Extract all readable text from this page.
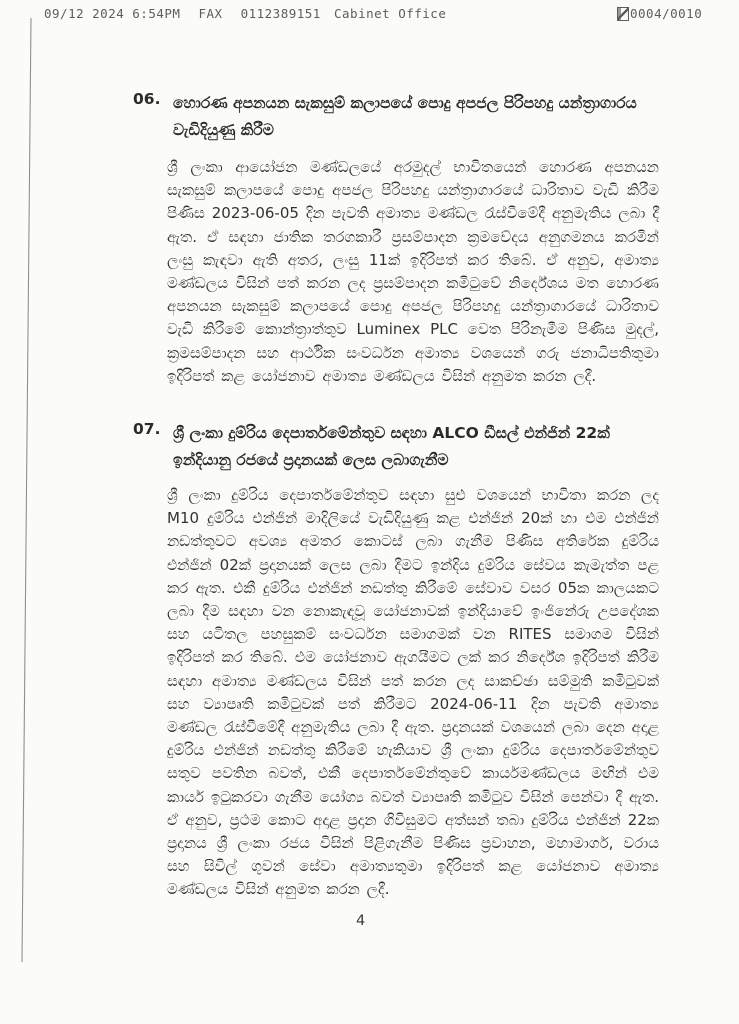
09/12 2024 6:54PM FAX 0112389151	Cabinet Office	0004/0010
06. හොරණ අපනයන සැකසුම් කලාපයේ පොදු අපජල පිරිපහදු යන්ත්‍රාගාරය වැඩිදියුණු කිරීම
ශ්‍රී ලංකා ආයෝජන මණ්ඩලයේ අරමුදල් භාවිතයෙන් හොරණ අපනයන සැකසුම් කලාපයේ පොදු අපජල පිරිපහදු යන්ත්‍රාගාරයේ ධාරිතාව වැඩි කිරීම පිණිස 2023-06-05 දින පැවති අමාත්‍ය මණ්ඩල රැස්වීමේදී අනුමැතිය ලබා දී ඇත. ඒ සඳහා ජාතික තරගකාරී ප්‍රසම්පාදන ක්‍රමවේදය අනුගමනය කරමින් ලංසු කැඳවා ඇති අතර, ලංසු 11ක් ඉදිරිපත් කර තිබේ. ඒ අනුව, අමාත්‍ය මණ්ඩලය විසින් පත් කරන ලද ප්‍රසම්පාදන කමිටුවේ නිර්දේශය මත හොරණ අපනයන සැකසුම් කලාපයේ පොදු අපජල පිරිපහදු යන්ත්‍රාගාරයේ ධාරිතාව වැඩි කිරීමේ කොන්ත්‍රාත්තුව Luminex PLC වෙත පිරිනැමීම පිණිස මුදල්, ක්‍රමසම්පාදන සහ ආර්ථික සංවර්ධන අමාත්‍ය වශයෙන් ගරු ජනාධිපතිතුමා ඉදිරිපත් කළ යෝජනාව අමාත්‍ය මණ්ඩලය විසින් අනුමත කරන ලදී.
07. ශ්‍රී ලංකා දුම්රිය දෙපාර්තමේන්තුව සඳහා ALCO ඩීසල් එන්ජින් 22ක් ඉන්දියානු රජයේ ප්‍රදානයක් ලෙස ලබාගැනීම
ශ්‍රී ලංකා දුම්රිය දෙපාර්තමේන්තුව සඳහා සුළු වශයෙන් භාවිතා කරන ලද M10 දුම්රිය එන්ජින් මාදිලියේ වැඩිදියුණු කළ එන්ජින් 20ක් හා එම එන්ජින් නඩත්තුවට අවශ්‍ය අමතර කොටස් ලබා ගැනීම පිණිස අතිරේක දුම්රිය එන්ජින් 02ක් ප්‍රදානයක් ලෙස ලබා දීමට ඉන්දිය දුම්රිය සේවය කැමැත්ත පළ කර ඇත. එකී දුම්රිය එන්ජින් නඩත්තු කිරීමේ සේවාව වසර 05ක කාලයකට ලබා දීම සඳහා වන නොකැඳවූ යෝජනාවක් ඉන්දියාවේ ඉංජිනේරු උපදේශක සහ යටිතල පහසුකම් සංවර්ධන සමාගමක් වන RITES සමාගම විසින් ඉදිරිපත් කර තිබේ. එම යෝජනාව ඇගයීමට ලක් කර නිර්දේශ ඉදිරිපත් කිරීම සඳහා අමාත්‍ය මණ්ඩලය විසින් පත් කරන ලද සාකච්ඡා සම්මුති කමිටුවක් සහ ව්‍යාපෘති කමිටුවක් පත් කිරීමට 2024-06-11 දින පැවති අමාත්‍ය මණ්ඩල රැස්වීමේදී අනුමැතිය ලබා දී ඇත. ප්‍රදානයක් වශයෙන් ලබා දෙන අදාළ දුම්රිය එන්ජින් නඩත්තු කිරීමේ හැකියාව ශ්‍රී ලංකා දුම්රිය දෙපාර්තමේන්තුව සතුව පවතින බවත්, එකී දෙපාර්තමේන්තුවේ කාර්යමණ්ඩලය මඟින් එම කාර්ය ඉටුකරවා ගැනීම යෝග්‍ය බවත් ව්‍යාපෘති කමිටුව විසින් පෙන්වා දී ඇත. ඒ අනුව, ප්‍රථම කොට අදාළ ප්‍රදාන ගිවිසුමට අත්සන් තබා දුම්රිය එන්ජින් 22ක ප්‍රදානය ශ්‍රී ලංකා රජය විසින් පිළිගැනීම පිණිස ප්‍රවාහන, මහාමාර්ග, වරාය සහ සිවිල් ගුවන් සේවා අමාත්‍යතුමා ඉදිරිපත් කළ යෝජනාව අමාත්‍ය මණ්ඩලය විසින් අනුමත කරන ලදී.
4
